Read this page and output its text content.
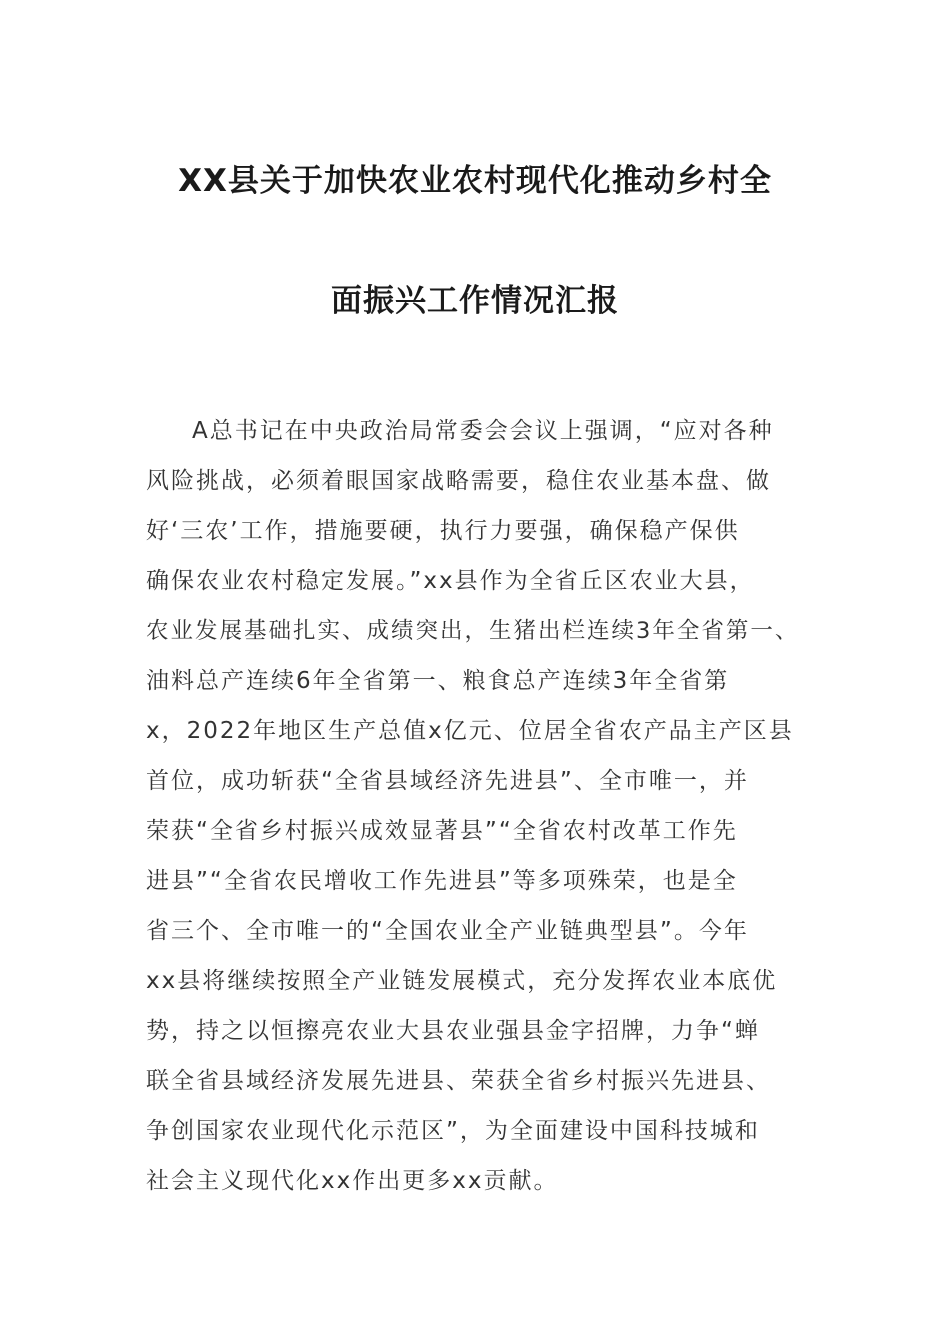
XX县关于加快农业农村现代化推动乡村全
面振兴工作情况汇报
A总书记在中央政治局常委会会议上强调，“应对各种
风险挑战，必须着眼国家战略需要，稳住农业基本盘、做
好‘三农’工作，措施要硬，执行力要强，确保稳产保供
确保农业农村稳定发展。”xx县作为全省丘区农业大县，
农业发展基础扎实、成绩突出，生猪出栏连续3年全省第一、
油料总产连续6年全省第一、粮食总产连续3年全省第
x，2022年地区生产总值x亿元、位居全省农产品主产区县
首位，成功斩获“全省县域经济先进县”、全市唯一，并
荣获“全省乡村振兴成效显著县”“全省农村改革工作先
进县”“全省农民增收工作先进县”等多项殊荣，也是全
省三个、全市唯一的“全国农业全产业链典型县”。今年
xx县将继续按照全产业链发展模式，充分发挥农业本底优
势，持之以恒擦亮农业大县农业强县金字招牌，力争“蝉
联全省县域经济发展先进县、荣获全省乡村振兴先进县、
争创国家农业现代化示范区”，为全面建设中国科技城和
社会主义现代化xx作出更多xx贡献。
